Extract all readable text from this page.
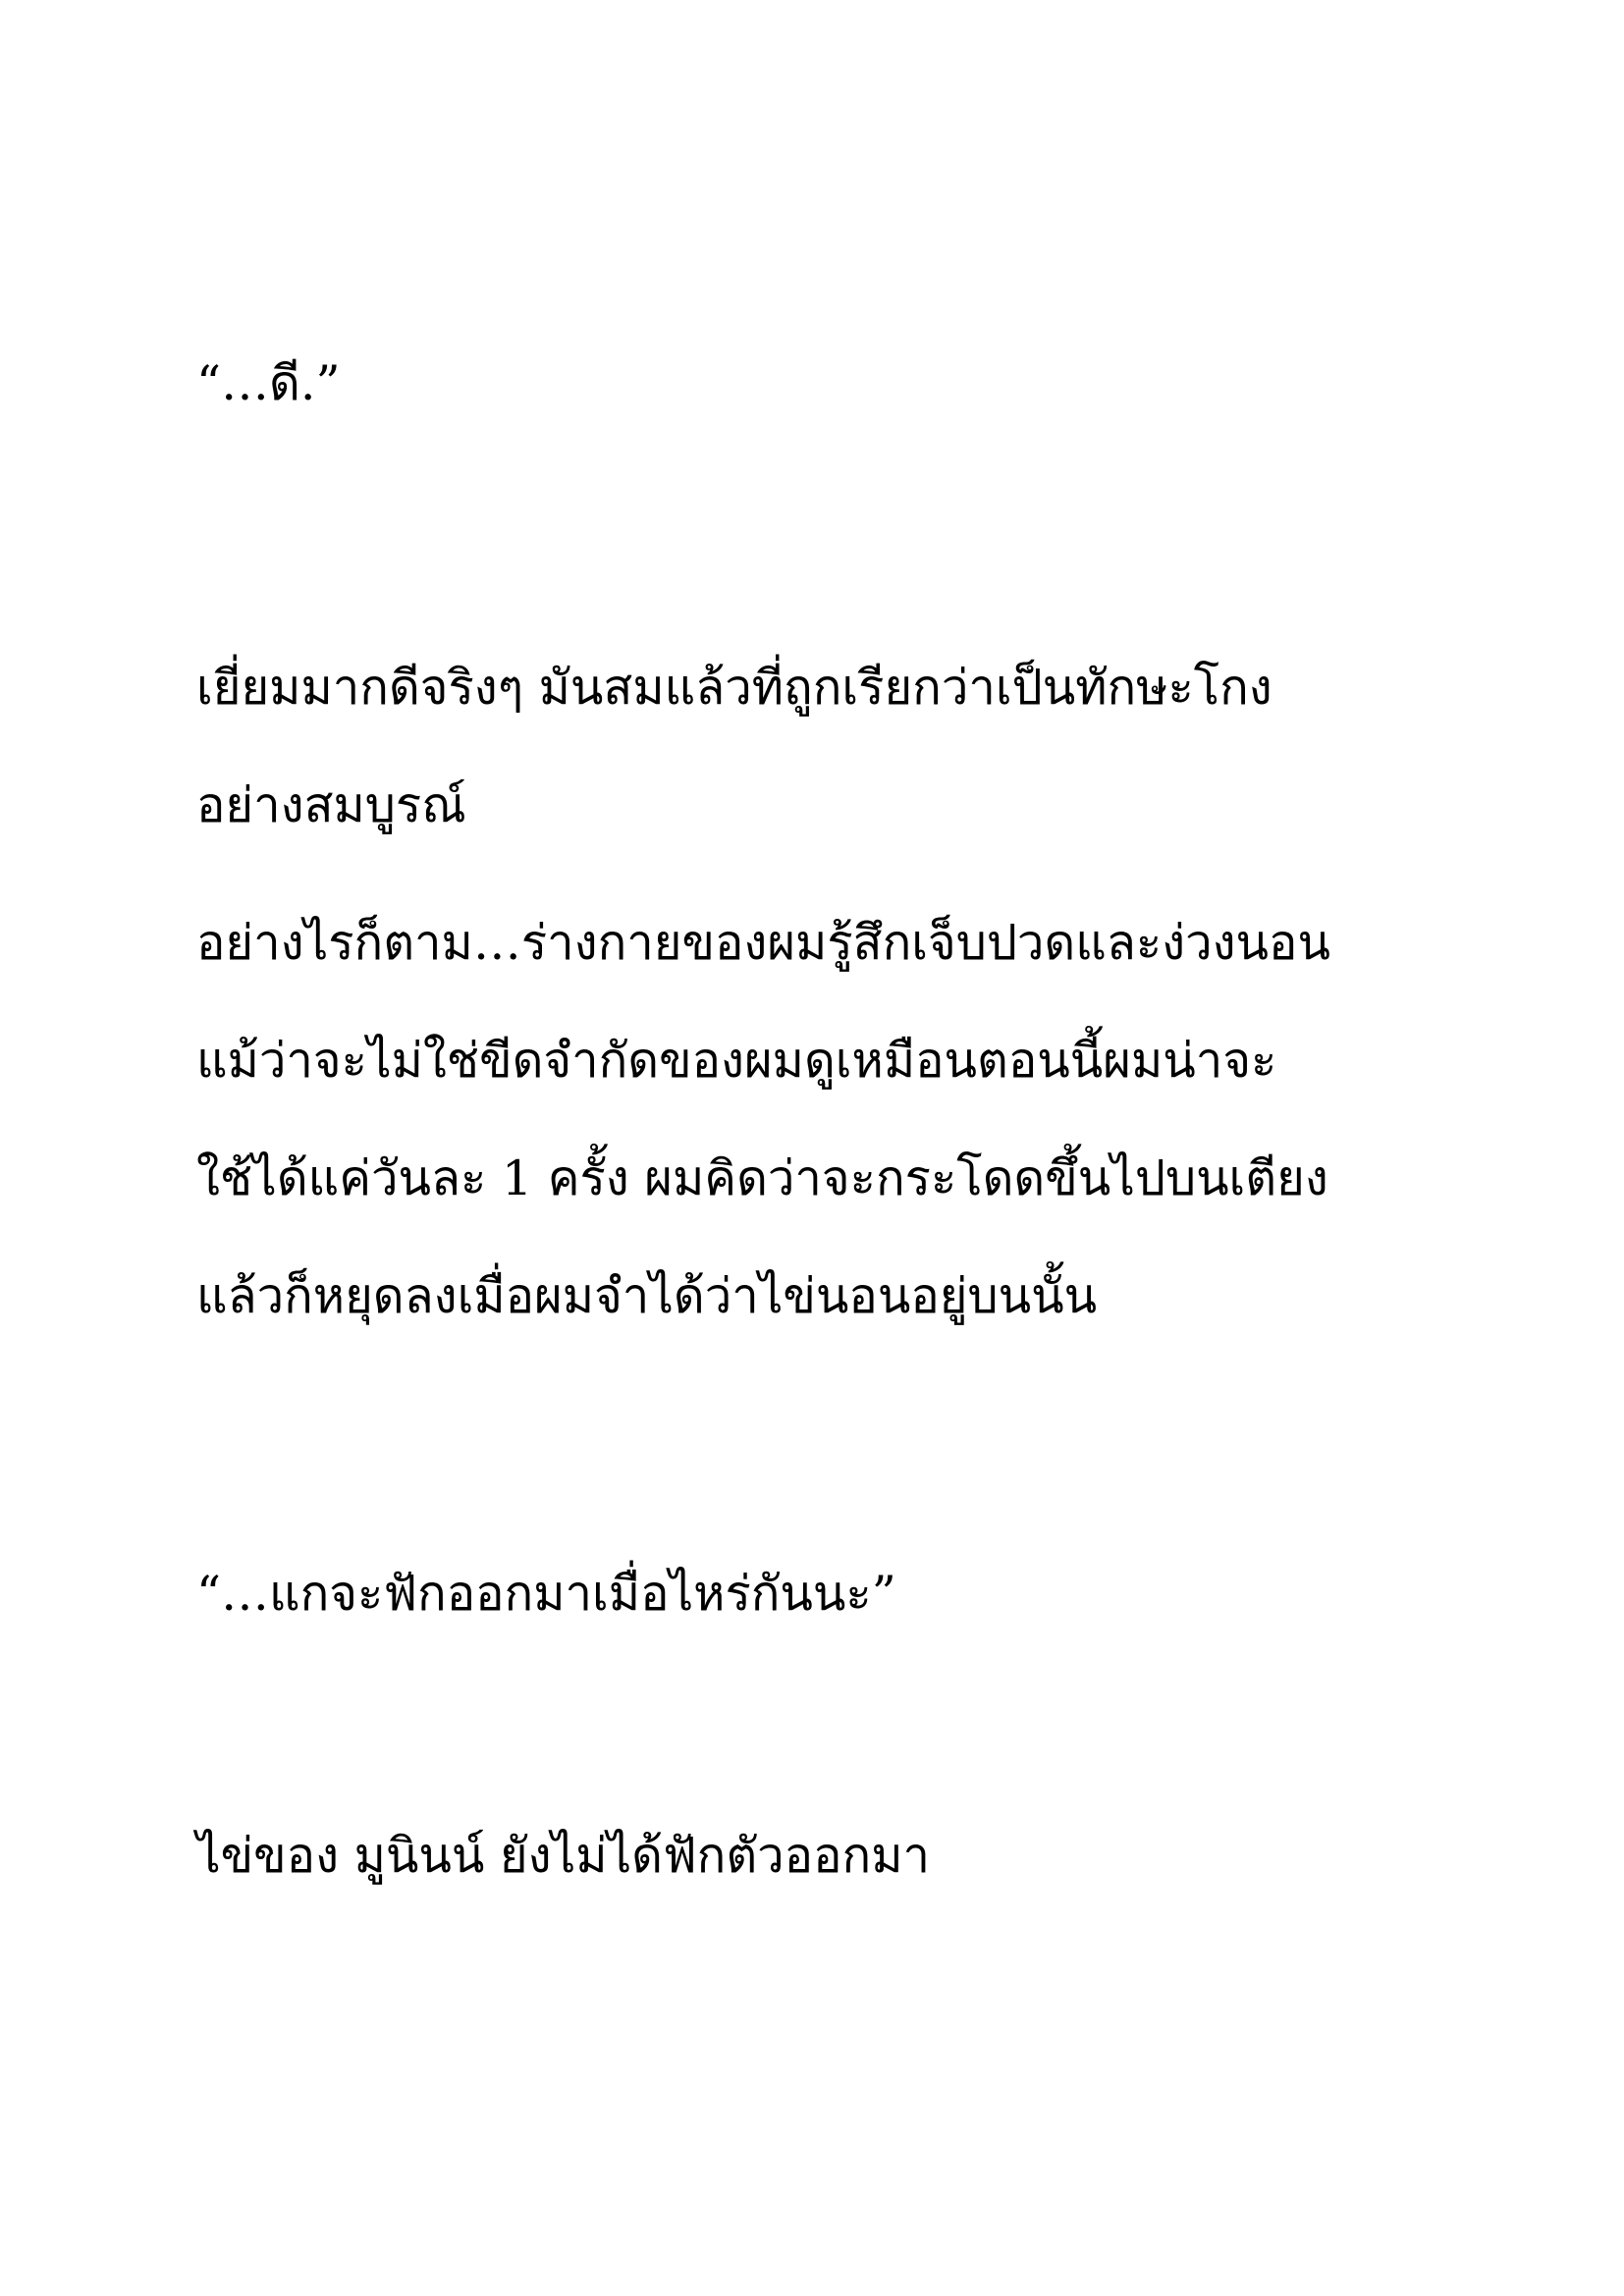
“…ดี.”

เยี่ยมมากดีจริงๆ มันสมแล้วที่ถูกเรียกว่าเป็นทักษะโกง

อย่างสมบูรณ์

อย่างไรก็ตาม…ร่างกายของผมรู้สึกเจ็บปวดและง่วงนอน

แม้ว่าจะไม่ใช่ขีดจำกัดของผมดูเหมือนตอนนี้ผมน่าจะ

ใช้ได้แค่วันละ 1 ครั้ง ผมคิดว่าจะกระโดดขึ้นไปบนเตียง

แล้วก็หยุดลงเมื่อผมจำได้ว่าไข่นอนอยู่บนนั้น

“…แกจะฟักออกมาเมื่อไหร่กันนะ”

ไข่ของ มูนินน์ ยังไม่ได้ฟักตัวออกมา
